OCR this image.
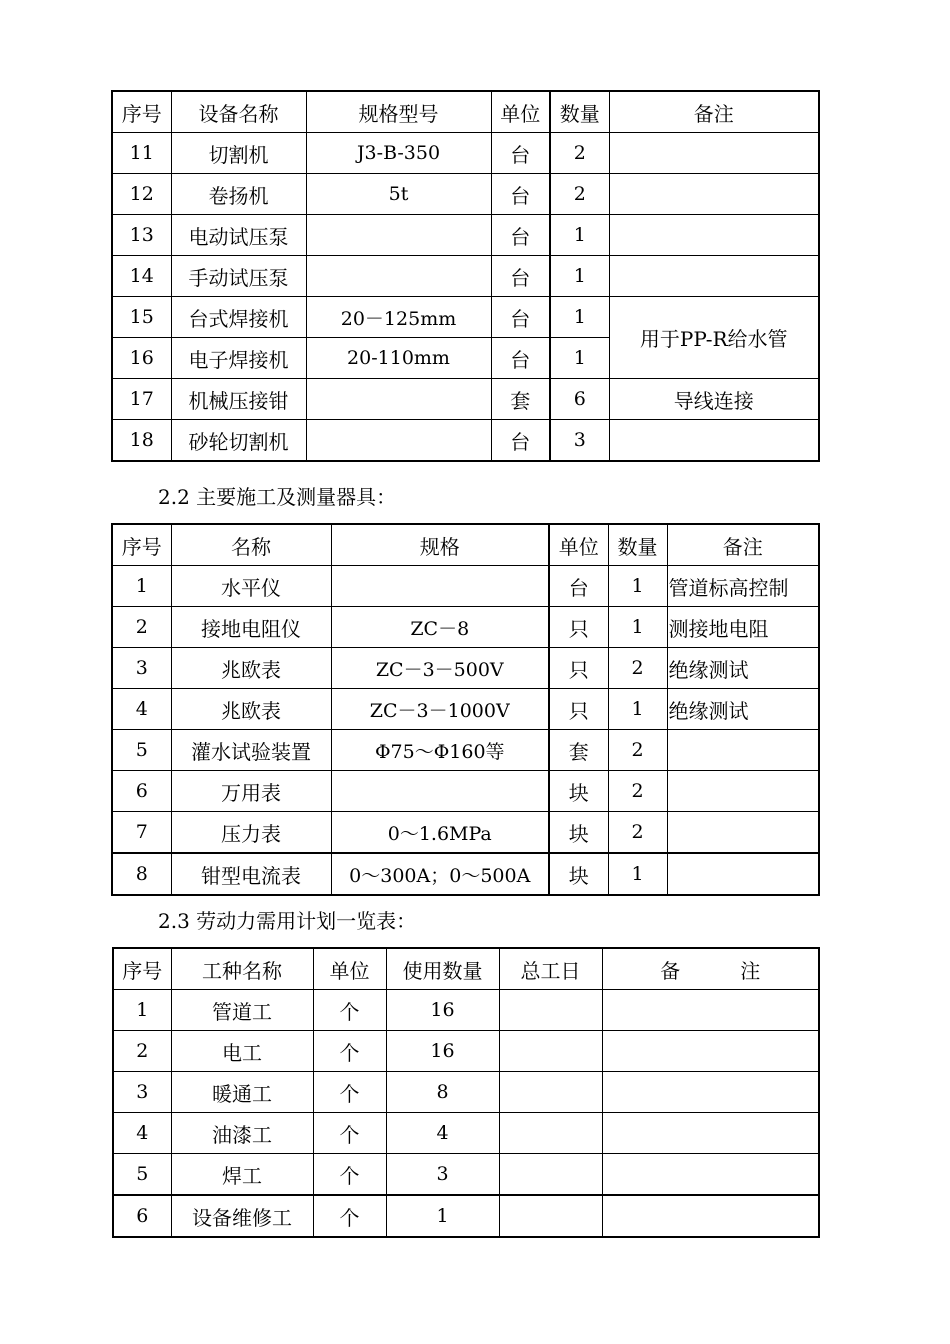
序号	设备名称	规格型号	单位	数量	备注
11	切割机	J3-B-350	台	2	
12	卷扬机	5t	台	2	
13	电动试压泵		台	1	
14	手动试压泵		台	1	
15	台式焊接机	20－125mm	台	1	用于PP-R给水管
16	电子焊接机	20-110mm	台	1	
17	机械压接钳		套	6	导线连接
18	砂轮切割机		台	3	
2.2 主要施工及测量器具：
序号	名称	规格	单位	数量	备注
1	水平仪		台	1	管道标高控制
2	接地电阻仪	ZC－8	只	1	测接地电阻
3	兆欧表	ZC－3－500V	只	2	绝缘测试
4	兆欧表	ZC－3－1000V	只	1	绝缘测试
5	灌水试验装置	Φ75～Φ160等	套	2	
6	万用表		块	2	
7	压力表	0～1.6MPa	块	2	
8	钳型电流表	0～300A；0～500A	块	1	
2.3 劳动力需用计划一览表：
序号	工种名称	单位	使用数量	总工日	备　　　注
1	管道工	个	16		
2	电工	个	16		
3	暖通工	个	8		
4	油漆工	个	4		
5	焊工	个	3		
6	设备维修工	个	1		
